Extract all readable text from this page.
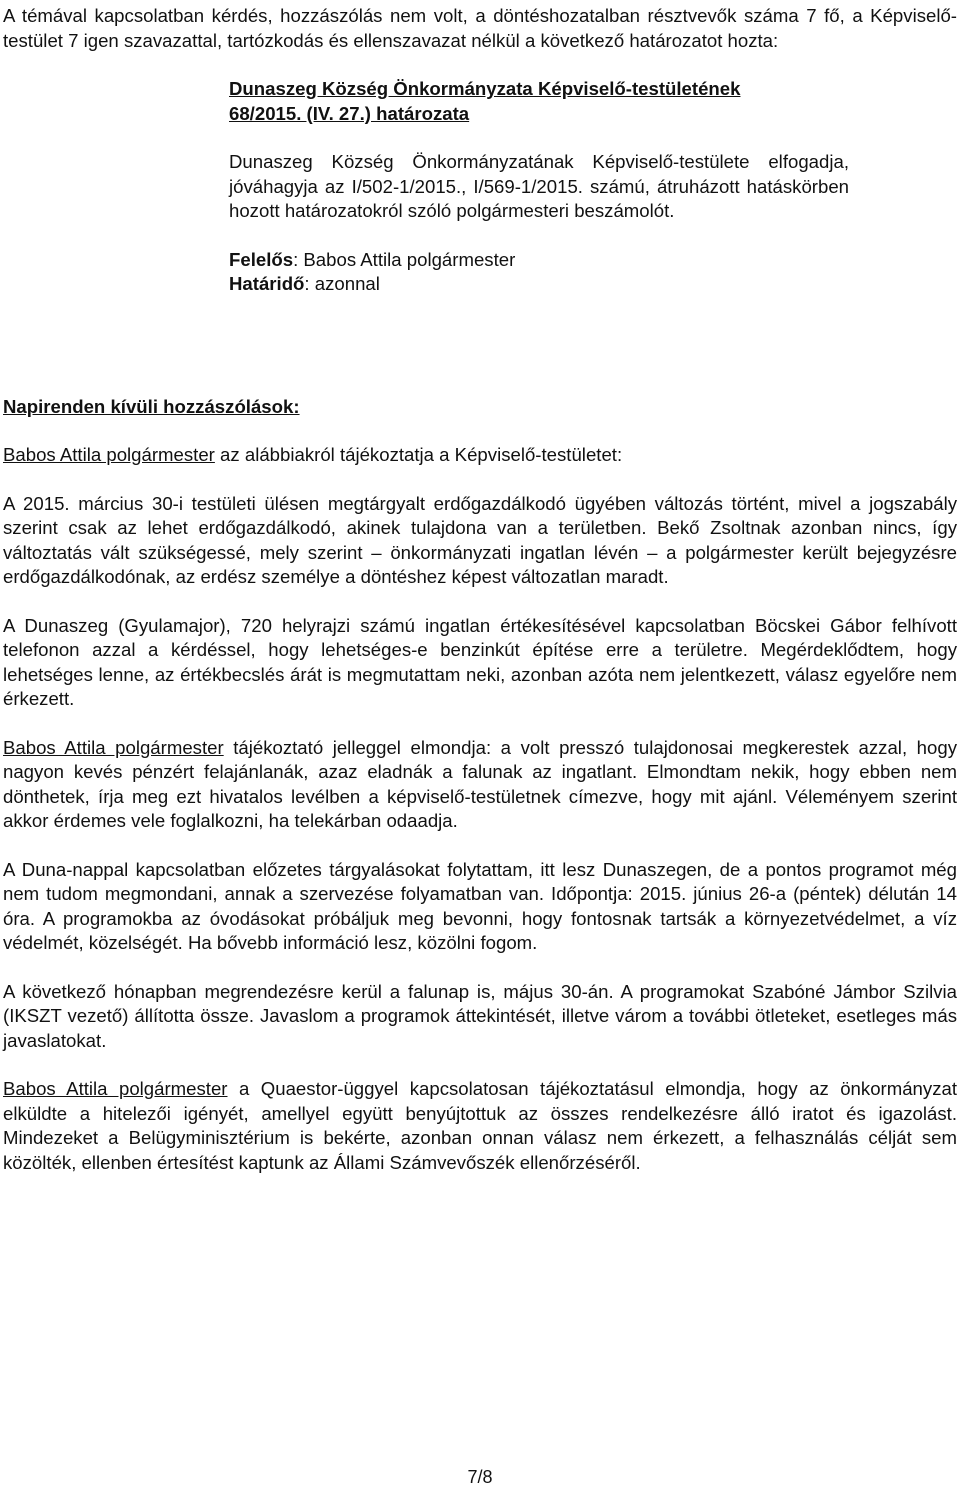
A témával kapcsolatban kérdés, hozzászólás nem volt, a döntéshozatalban résztvevők száma 7 fő, a Képviselő-testület 7 igen szavazattal, tartózkodás és ellenszavazat nélkül a következő határozatot hozta:

Dunaszeg Község Önkormányzata Képviselő-testületének
68/2015. (IV. 27.) határozata

Dunaszeg Község Önkormányzatának Képviselő-testülete elfogadja, jóváhagyja az I/502-1/2015., I/569-1/2015. számú, átruházott hatáskörben hozott határozatokról szóló polgármesteri beszámolót.

Felelős: Babos Attila polgármester

Határidő: azonnal

Napirenden kívüli hozzászólások:

Babos Attila polgármester az alábbiakról tájékoztatja a Képviselő-testületet:

A 2015. március 30-i testületi ülésen megtárgyalt erdőgazdálkodó ügyében változás történt, mivel a jogszabály szerint csak az lehet erdőgazdálkodó, akinek tulajdona van a területben. Bekő Zsoltnak azonban nincs, így változtatás vált szükségessé, mely szerint – önkormányzati ingatlan lévén – a polgármester került bejegyzésre erdőgazdálkodónak, az erdész személye a döntéshez képest változatlan maradt.

A Dunaszeg (Gyulamajor), 720 helyrajzi számú ingatlan értékesítésével kapcsolatban Böcskei Gábor felhívott telefonon azzal a kérdéssel, hogy lehetséges-e benzinkút építése erre a területre. Megérdeklődtem, hogy lehetséges lenne, az értékbecslés árát is megmutattam neki, azonban azóta nem jelentkezett, válasz egyelőre nem érkezett.

Babos Attila polgármester tájékoztató jelleggel elmondja: a volt presszó tulajdonosai megkerestek azzal, hogy nagyon kevés pénzért felajánlanák, azaz eladnák a falunak az ingatlant. Elmondtam nekik, hogy ebben nem dönthetek, írja meg ezt hivatalos levélben a képviselő-testületnek címezve, hogy mit ajánl. Véleményem szerint akkor érdemes vele foglalkozni, ha telekárban odaadja.

A Duna-nappal kapcsolatban előzetes tárgyalásokat folytattam, itt lesz Dunaszegen, de a pontos programot még nem tudom megmondani, annak a szervezése folyamatban van. Időpontja: 2015. június 26-a (péntek) délután 14 óra. A programokba az óvodásokat próbáljuk meg bevonni, hogy fontosnak tartsák a környezetvédelmet, a víz védelmét, közelségét. Ha bővebb információ lesz, közölni fogom.

A következő hónapban megrendezésre kerül a falunap is, május 30-án. A programokat Szabóné Jámbor Szilvia (IKSZT vezető) állította össze. Javaslom a programok áttekintését, illetve várom a további ötleteket, esetleges más javaslatokat.

Babos Attila polgármester a Quaestor-üggyel kapcsolatosan tájékoztatásul elmondja, hogy az önkormányzat elküldte a hitelezői igényét, amellyel együtt benyújtottuk az összes rendelkezésre álló iratot és igazolást. Mindezeket a Belügyminisztérium is bekérte, azonban onnan válasz nem érkezett, a felhasználás célját sem közölték, ellenben értesítést kaptunk az Állami Számvevőszék ellenőrzéséről.

7/8
